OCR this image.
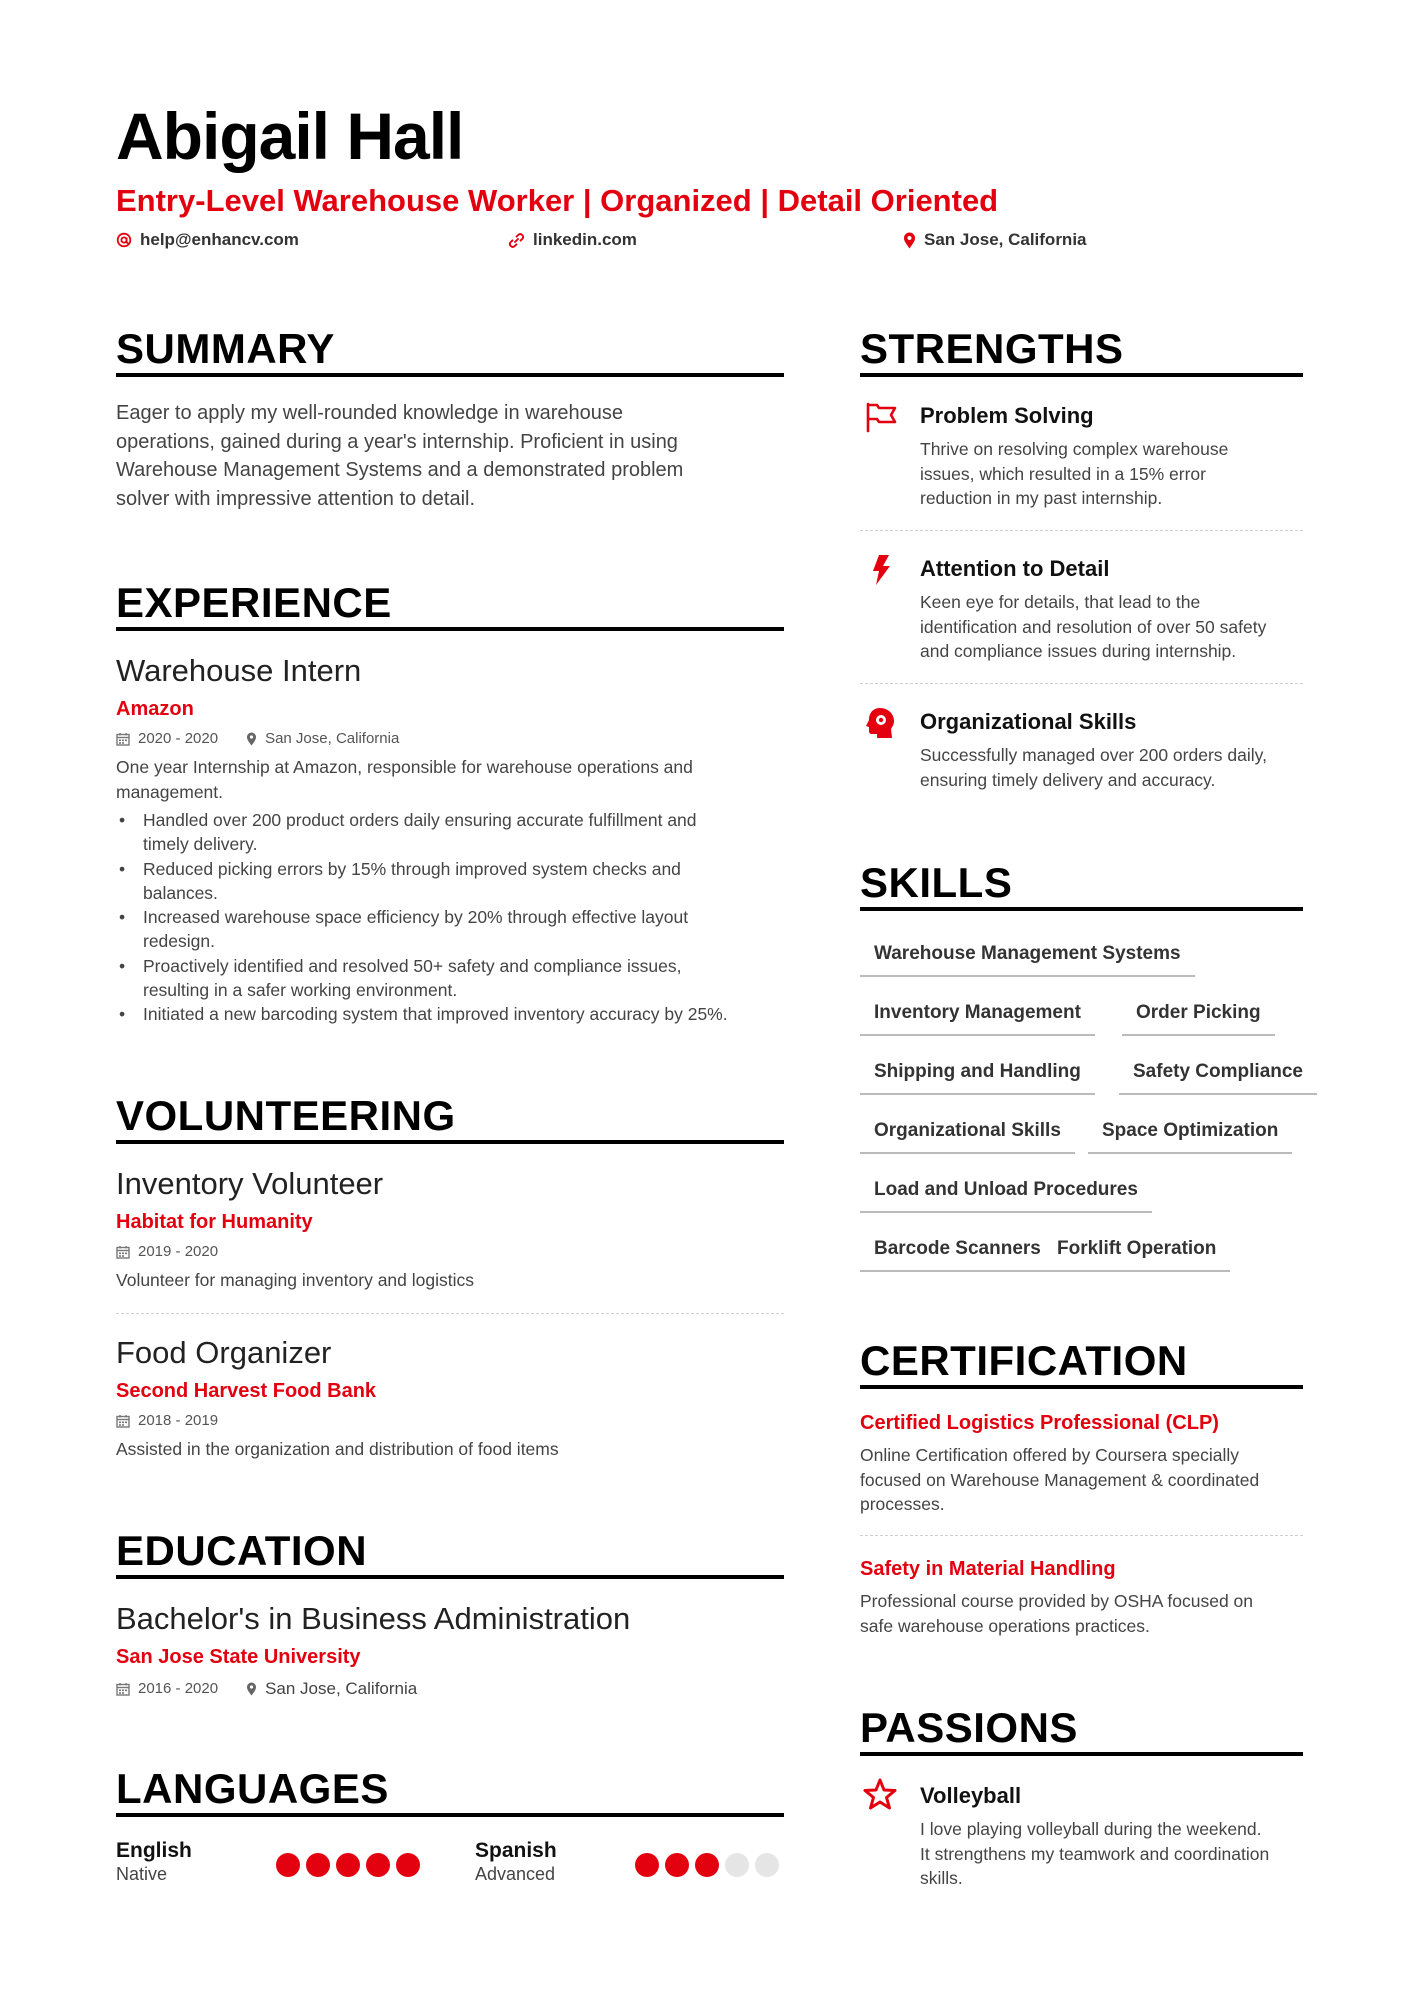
Abigail Hall
Entry-Level Warehouse Worker | Organized | Detail Oriented
help@enhancv.com	linkedin.com	San Jose, California
SUMMARY
Eager to apply my well-rounded knowledge in warehouse
operations, gained during a year's internship. Proficient in using
Warehouse Management Systems and a demonstrated problem
solver with impressive attention to detail.
EXPERIENCE
Warehouse Intern
Amazon
2020 - 2020	San Jose, California
One year Internship at Amazon, responsible for warehouse operations and
management.
• Handled over 200 product orders daily ensuring accurate fulfillment and
timely delivery.
• Reduced picking errors by 15% through improved system checks and
balances.
• Increased warehouse space efficiency by 20% through effective layout
redesign.
• Proactively identified and resolved 50+ safety and compliance issues,
resulting in a safer working environment.
• Initiated a new barcoding system that improved inventory accuracy by 25%.
VOLUNTEERING
Inventory Volunteer
Habitat for Humanity
2019 - 2020
Volunteer for managing inventory and logistics
Food Organizer
Second Harvest Food Bank
2018 - 2019
Assisted in the organization and distribution of food items
EDUCATION
Bachelor's in Business Administration
San Jose State University
2016 - 2020	San Jose, California
LANGUAGES
English
Native
Spanish
Advanced
STRENGTHS
Problem Solving
Thrive on resolving complex warehouse
issues, which resulted in a 15% error
reduction in my past internship.
Attention to Detail
Keen eye for details, that lead to the
identification and resolution of over 50 safety
and compliance issues during internship.
Organizational Skills
Successfully managed over 200 orders daily,
ensuring timely delivery and accuracy.
SKILLS
Warehouse Management Systems
Inventory Management	Order Picking
Shipping and Handling	Safety Compliance
Organizational Skills	Space Optimization
Load and Unload Procedures
Barcode Scanners Forklift Operation
CERTIFICATION
Certified Logistics Professional (CLP)
Online Certification offered by Coursera specially
focused on Warehouse Management & coordinated
processes.
Safety in Material Handling
Professional course provided by OSHA focused on
safe warehouse operations practices.
PASSIONS
Volleyball
I love playing volleyball during the weekend.
It strengthens my teamwork and coordination
skills.
